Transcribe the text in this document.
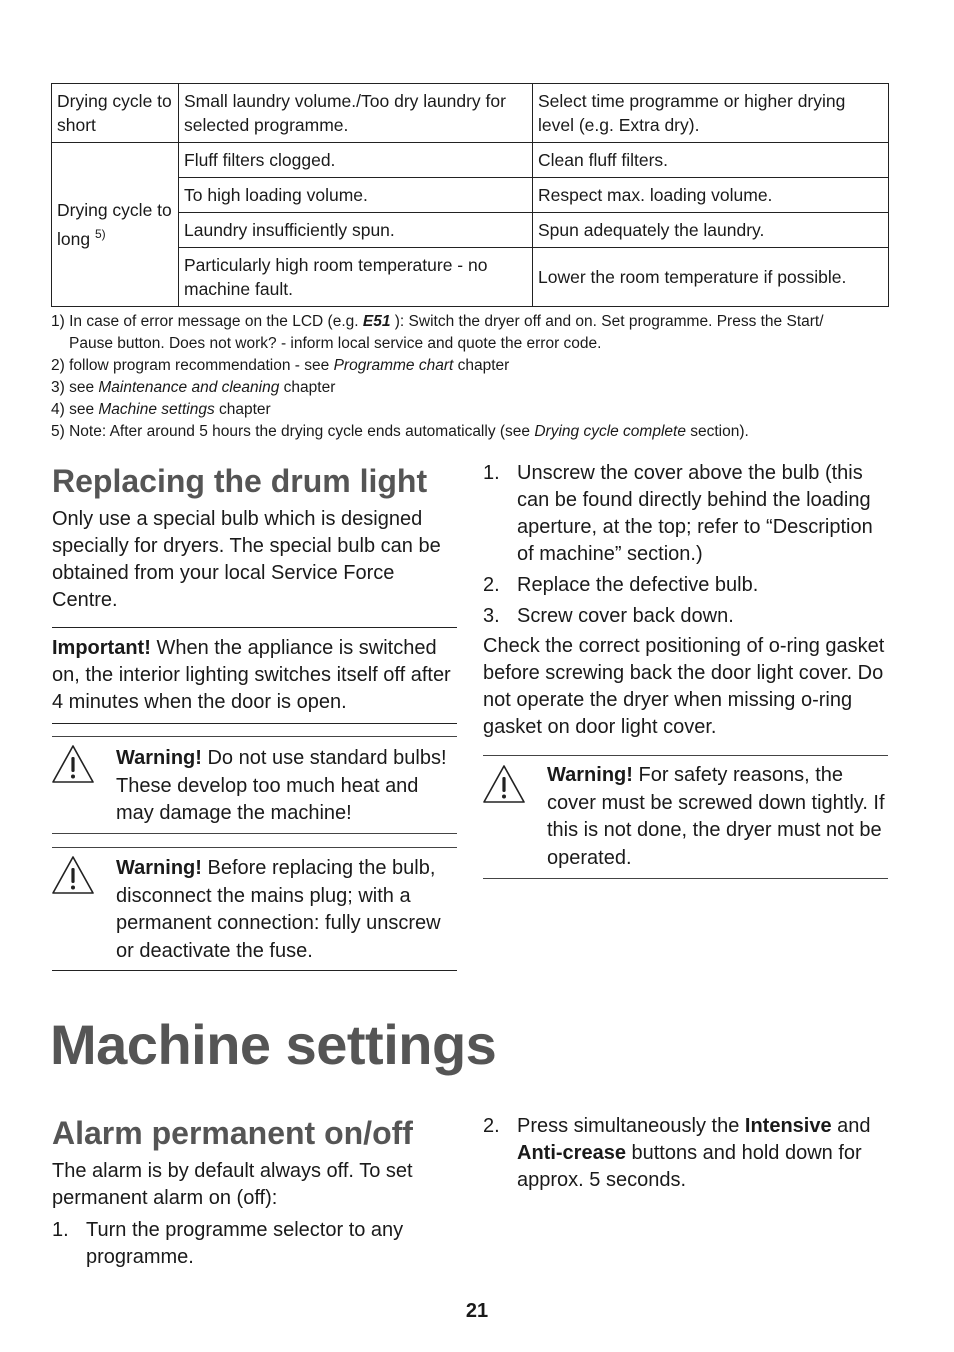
Drying cycle to short	Small laundry volume./Too dry laundry for selected programme.	Select time programme or higher drying level (e.g. Extra dry).
Drying cycle to long $^{5)}$	Fluff filters clogged.	Clean fluff filters.
	To high loading volume.	Respect max. loading volume.
	Laundry insufficiently spun.	Spun adequately the laundry.
	Particularly high room temperature - no machine fault.	Lower the room temperature if possible.
1) In case of error message on the LCD (e.g. E51 ): Switch the dryer off and on. Set programme. Press the Start/
Pause button. Does not work? - inform local service and quote the error code.
2) follow program recommendation - see Programme chart chapter
3) see Maintenance and cleaning chapter
4) see Machine settings chapter
5) Note: After around 5 hours the drying cycle ends automatically (see Drying cycle complete section).
Replacing the drum light
Only use a special bulb which is designed specially for dryers. The special bulb can be obtained from your local Service Force Centre.
Important! When the appliance is switched on, the interior lighting switches itself off after 4 minutes when the door is open.
Warning! Do not use standard bulbs! These develop too much heat and may damage the machine!
Warning! Before replacing the bulb, disconnect the mains plug; with a permanent connection: fully unscrew or deactivate the fuse.
1. Unscrew the cover above the bulb (this can be found directly behind the loading aperture, at the top; refer to “Description of machine” section.)
2. Replace the defective bulb.
3. Screw cover back down.
Check the correct positioning of o-ring gasket before screwing back the door light cover. Do not operate the dryer when missing o-ring gasket on door light cover.
Warning! For safety reasons, the cover must be screwed down tightly. If this is not done, the dryer must not be operated.
Machine settings
Alarm permanent on/off
The alarm is by default always off. To set permanent alarm on (off):
1. Turn the programme selector to any programme.
2. Press simultaneously the Intensive and Anti-crease buttons and hold down for approx. 5 seconds.
21
